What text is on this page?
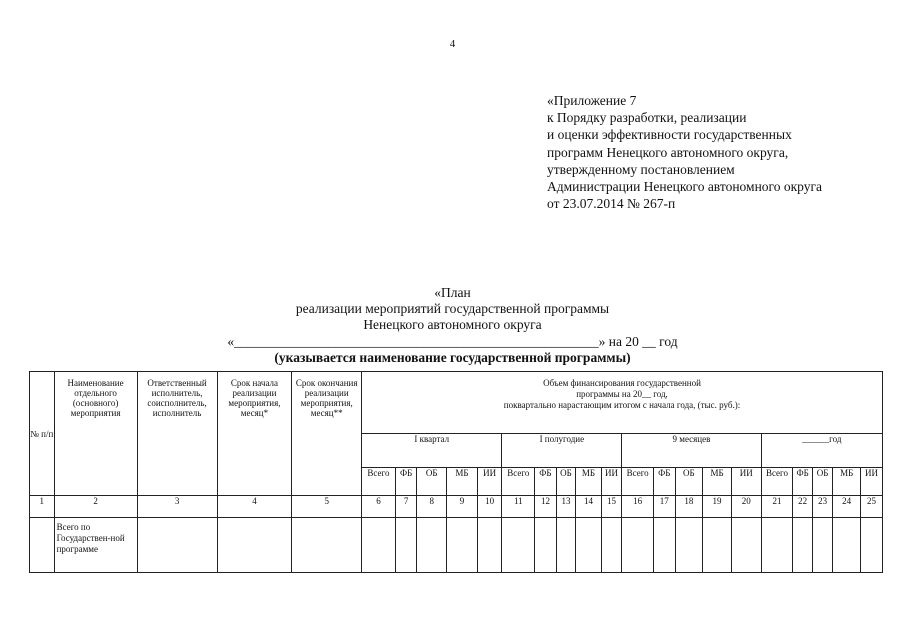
4
«Приложение 7
к Порядку разработки, реализации
и оценки эффективности государственных
программ Ненецкого автономного округа,
утвержденному постановлением
Администрации Ненецкого автономного округа
от 23.07.2014 № 267-п
«План
реализации мероприятий государственной программы
Ненецкого автономного округа
«______________________________________________________» на 20 __ год
(указывается наименование государственной программы)
№ п/п	Наименование отдельного (основного) мероприятия	Ответственный исполнитель, соисполнитель, исполнитель	Срок начала реализации мероприятия, месяц*	Срок окончания реализации мероприятия, месяц**	Объем финансирования государственной
программы на 20__ год,
поквартально нарастающим итогом с начала года, (тыс. руб.):																			

					I квартал					I полугодие					9 месяцев					______год				
					Всего	ФБ	ОБ	МБ	ИИ	Всего	ФБ	ОБ	МБ	ИИ	Всего	ФБ	ОБ	МБ	ИИ	Всего	ФБ	ОБ	МБ	ИИ
1	2	3	4	5	6	7	8	9	10	11	12	13	14	15	16	17	18	19	20	21	22	23	24	25
	Всего по Государствен-ной программе																							
